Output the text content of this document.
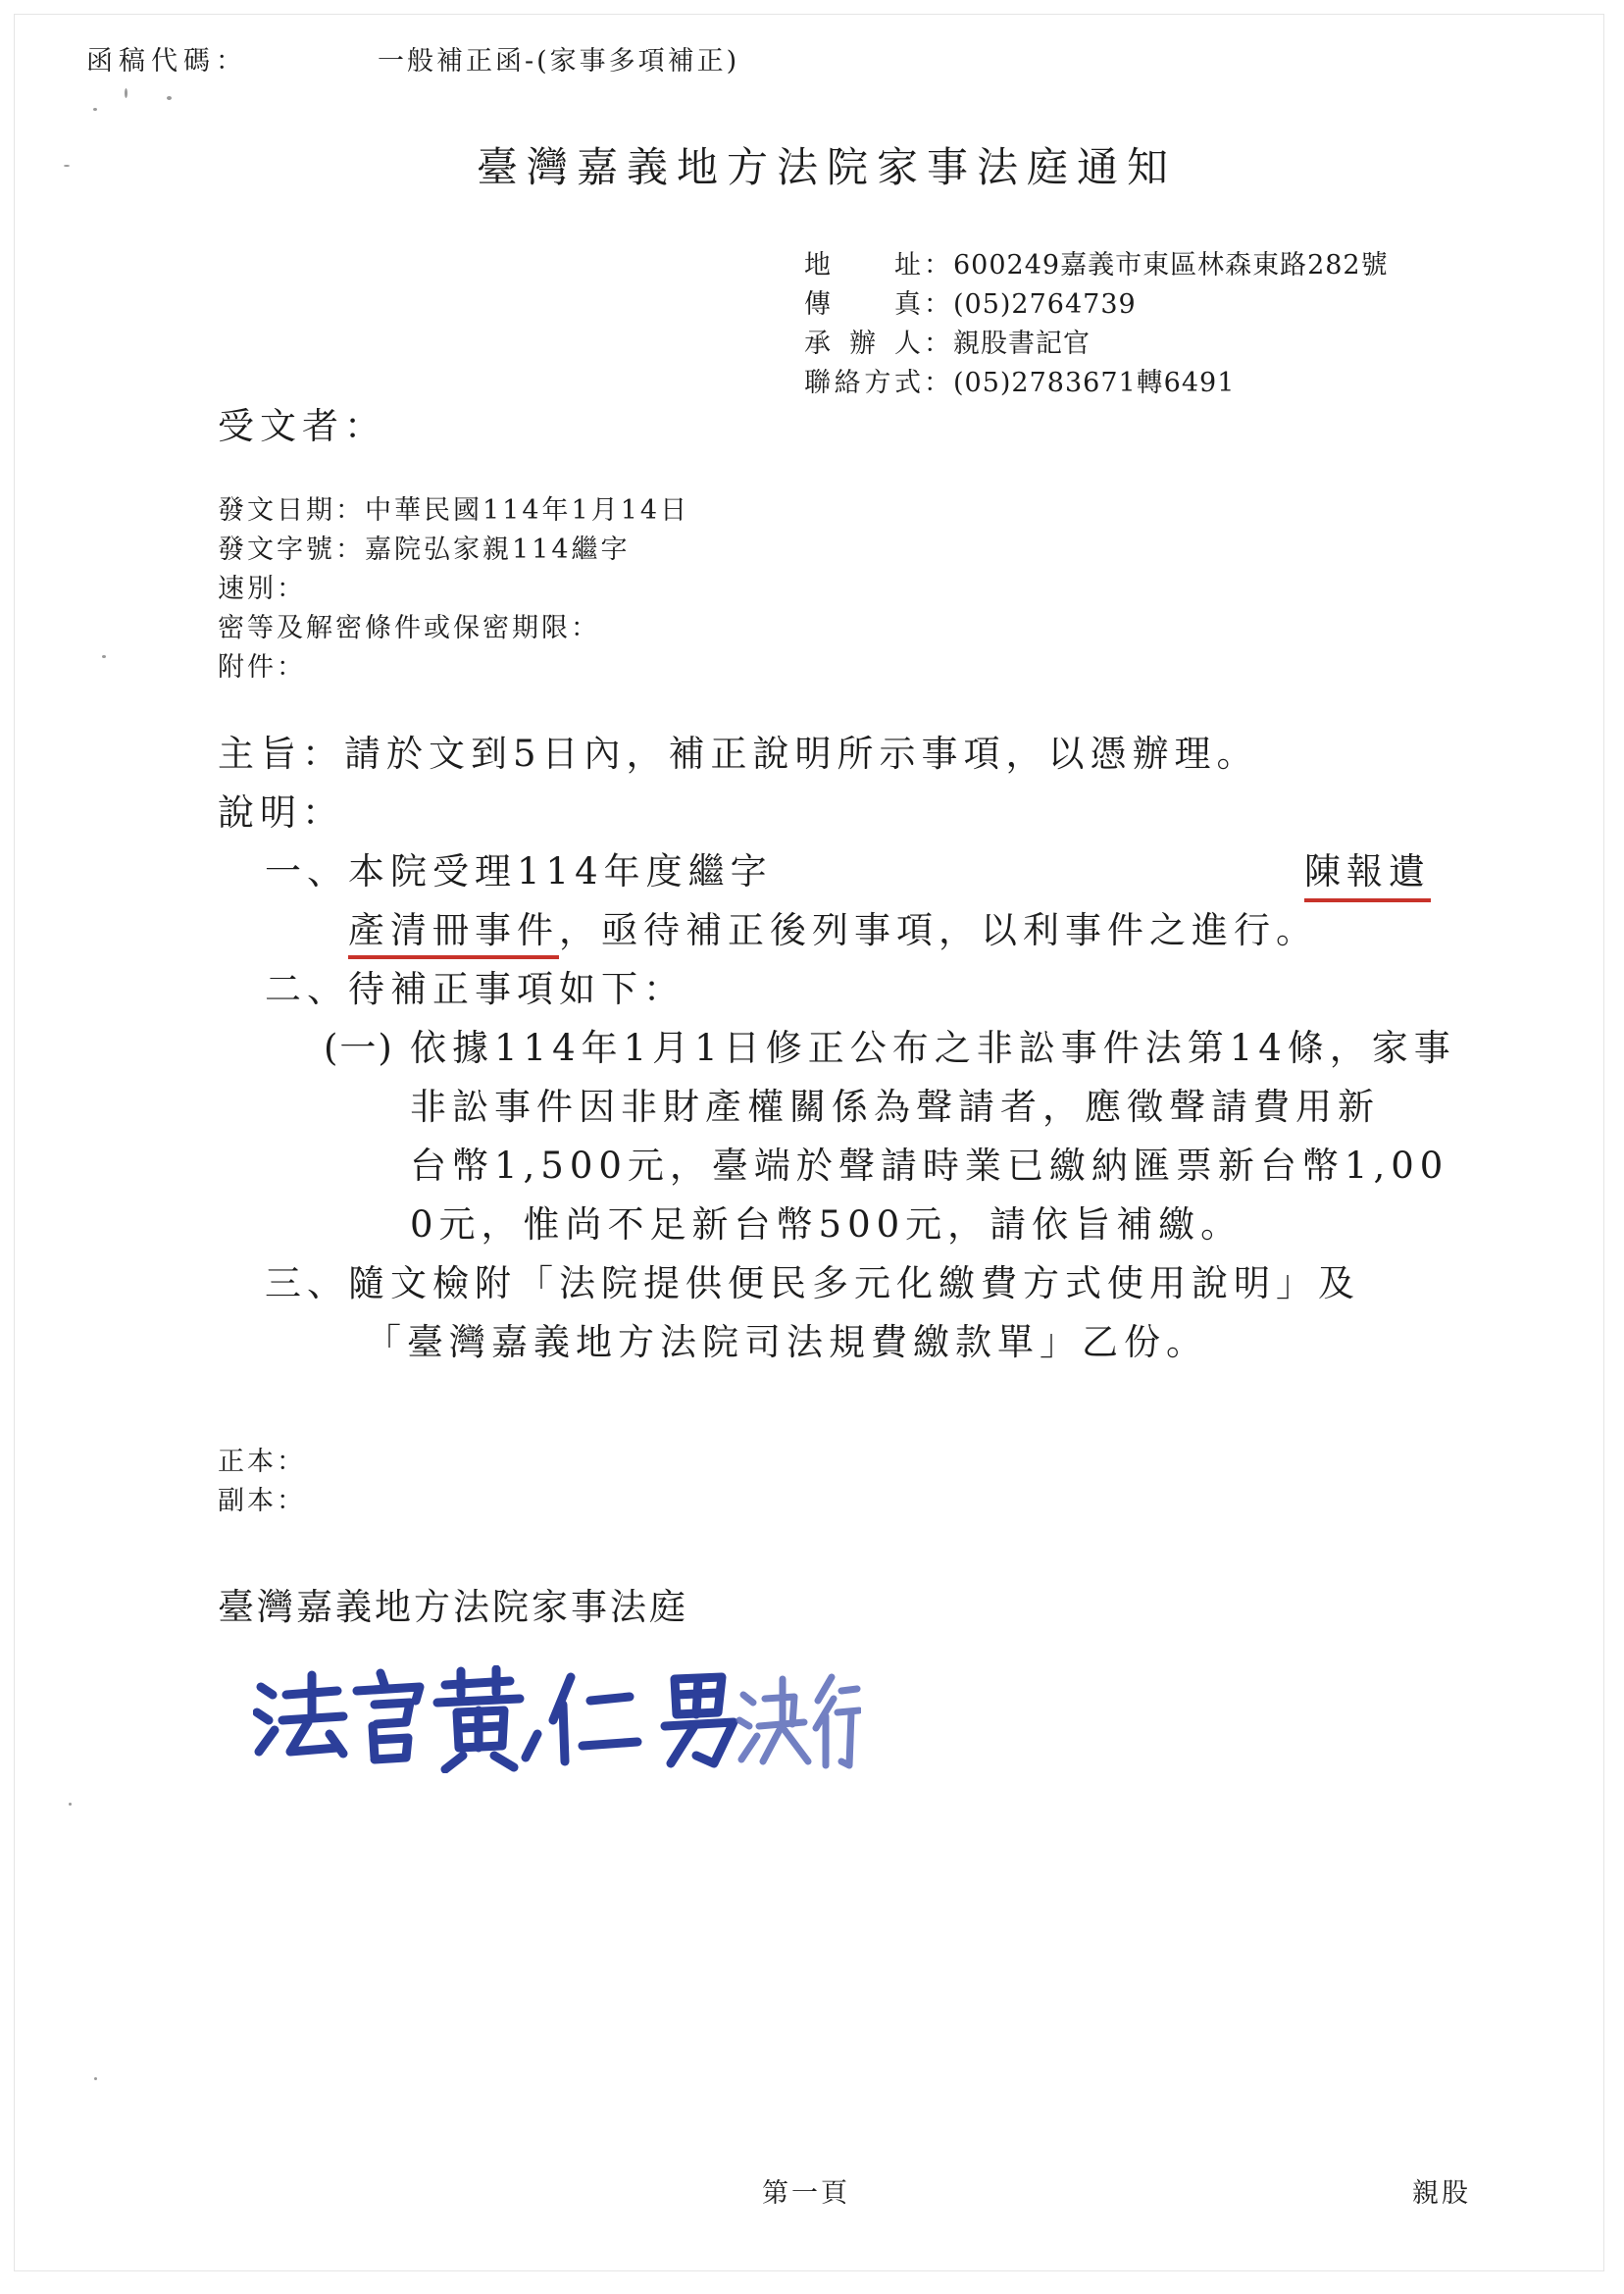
函稿代碼：	一般補正函-(家事多項補正)
臺灣嘉義地方法院家事法庭通知
地址：600249嘉義市東區林森東路282號
傳真：(05)2764739
承辦人：親股書記官
聯絡方式：(05)2783671轉6491
受文者：
發文日期：中華民國114年1月14日
發文字號：嘉院弘家親114繼字
速別：
密等及解密條件或保密期限：
附件：
主旨：請於文到5日內，補正說明所示事項，以憑辦理。
說明：
一、 本院受理114年度繼字	陳報遺
產清冊事件，亟待補正後列事項，以利事件之進行。
二、 待補正事項如下：
(一) 依據114年1月1日修正公布之非訟事件法第14條，家事
非訟事件因非財產權關係為聲請者，應徵聲請費用新
台幣1,500元，臺端於聲請時業已繳納匯票新台幣1,00
0元，惟尚不足新台幣500元，請依旨補繳。
三、 隨文檢附「法院提供便民多元化繳費方式使用說明」及
「臺灣嘉義地方法院司法規費繳款單」乙份。
正本：
副本：
臺灣嘉義地方法院家事法庭
第一頁	親股
